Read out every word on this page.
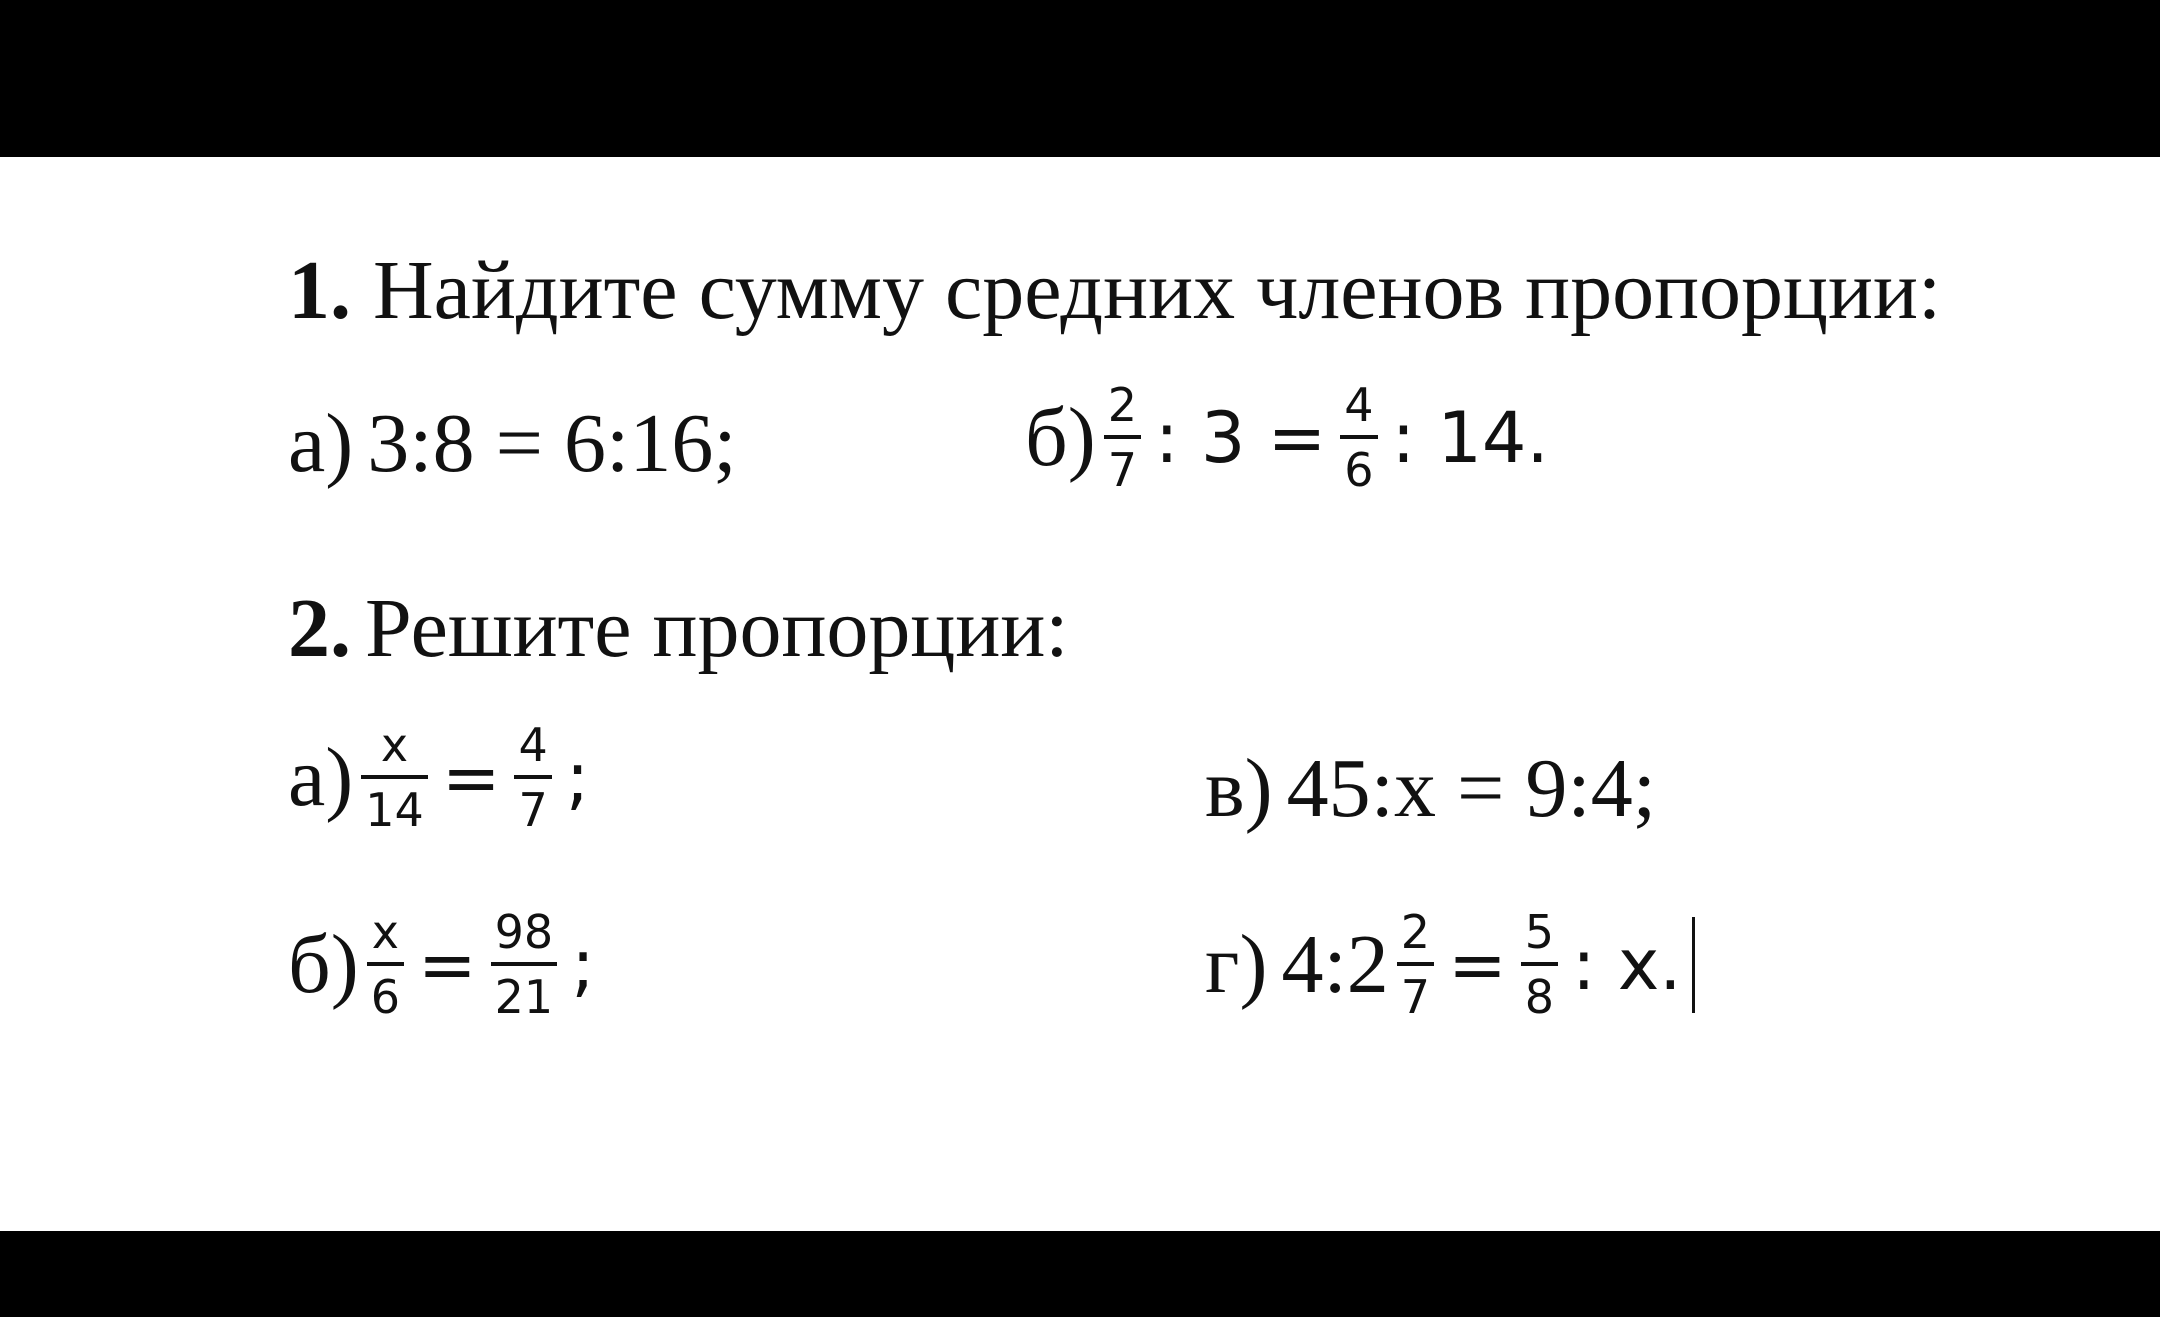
1. Найдите сумму средних членов пропорции:
а) 3:8 = 6:16;	$б) \frac{2}{7}$ : $3 = \frac{4}{6}$ : 14.
2. Решите пропорции:
$а) \frac{x}{14} = \frac{4}{7}$ ;	в) 45:x = 9:4;
$б) \frac{x}{6} = \frac{98}{21}$ ;	г) 4:2 $\frac{2}{7} = \frac{5}{8}$ : x.
